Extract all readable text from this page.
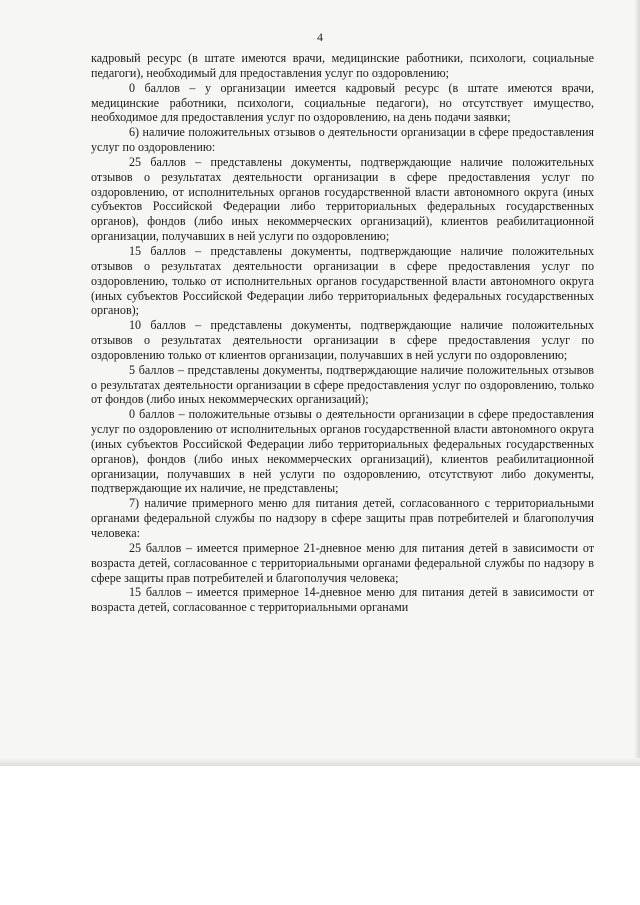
4

кадровый ресурс (в штате имеются врачи, медицинские работники, психологи, социальные педагоги), необходимый для предоставления услуг по оздоровлению;

0 баллов – у организации имеется кадровый ресурс (в штате имеются врачи, медицинские работники, психологи, социальные педагоги), но отсутствует имущество, необходимое для предоставления услуг по оздоровлению, на день подачи заявки;

6) наличие положительных отзывов о деятельности организации в сфере предоставления услуг по оздоровлению:

25 баллов – представлены документы, подтверждающие наличие положительных отзывов о результатах деятельности организации в сфере предоставления услуг по оздоровлению, от исполнительных органов государственной власти автономного округа (иных субъектов Российской Федерации либо территориальных федеральных государственных органов), фондов (либо иных некоммерческих организаций), клиентов реабилитационной организации, получавших в ней услуги по оздоровлению;

15 баллов – представлены документы, подтверждающие наличие положительных отзывов о результатах деятельности организации в сфере предоставления услуг по оздоровлению, только от исполнительных органов государственной власти автономного округа (иных субъектов Российской Федерации либо территориальных федеральных государственных органов);

10 баллов – представлены документы, подтверждающие наличие положительных отзывов о результатах деятельности организации в сфере предоставления услуг по оздоровлению только от клиентов организации, получавших в ней услуги по оздоровлению;

5 баллов – представлены документы, подтверждающие наличие положительных отзывов о результатах деятельности организации в сфере предоставления услуг по оздоровлению, только от фондов (либо иных некоммерческих организаций);

0 баллов – положительные отзывы о деятельности организации в сфере предоставления услуг по оздоровлению от исполнительных органов государственной власти автономного округа (иных субъектов Российской Федерации либо территориальных федеральных государственных органов), фондов (либо иных некоммерческих организаций), клиентов реабилитационной организации, получавших в ней услуги по оздоровлению, отсутствуют либо документы, подтверждающие их наличие, не представлены;

7) наличие примерного меню для питания детей, согласованного с территориальными органами федеральной службы по надзору в сфере защиты прав потребителей и благополучия человека:

25 баллов – имеется примерное 21-дневное меню для питания детей в зависимости от возраста детей, согласованное с территориальными органами федеральной службы по надзору в сфере защиты прав потребителей и благополучия человека;

15 баллов – имеется примерное 14-дневное меню для питания детей в зависимости от возраста детей, согласованное с территориальными органами
